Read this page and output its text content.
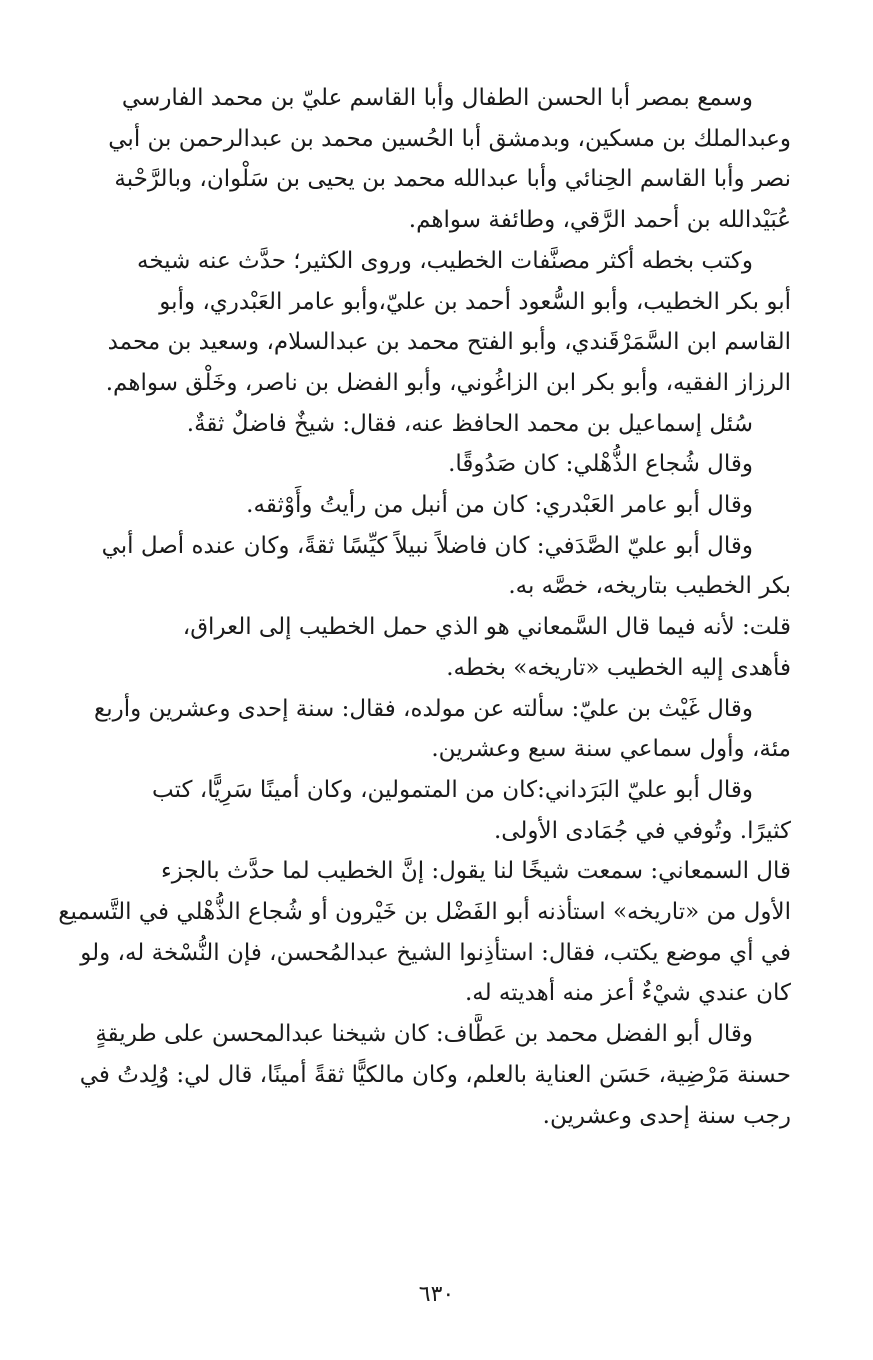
وسمع بمصر أبا الحسن الطفال وأبا القاسم عليّ بن محمد الفارسي
وعبدالملك بن مسكين، وبدمشق أبا الحُسين محمد بن عبدالرحمن بن أبي
نصر وأبا القاسم الحِنائي وأبا عبدالله محمد بن يحيى بن سَلْوان، وبالرَّحْبة
عُبَيْدالله بن أحمد الرَّقي، وطائفة سواهم.

وكتب بخطه أكثر مصنَّفات الخطيب، وروى الكثير؛ حدَّث عنه شيخه
أبو بكر الخطيب، وأبو السُّعود أحمد بن عليّ،وأبو عامر العَبْدري، وأبو
القاسم ابن السَّمَرْقَندي، وأبو الفتح محمد بن عبدالسلام، وسعيد بن محمد
الرزاز الفقيه، وأبو بكر ابن الزاغُوني، وأبو الفضل بن ناصر، وخَلْق سواهم.

سُئل إسماعيل بن محمد الحافظ عنه، فقال: شيخٌ فاضلٌ ثقةٌ.

وقال شُجاع الذُّهْلي: كان صَدُوقًا.

وقال أبو عامر العَبْدري: كان من أنبل من رأيتُ وأَوْثقه.

وقال أبو عليّ الصَّدَفي: كان فاضلاً نبيلاً كيِّسًا ثقةً، وكان عنده أصل أبي
بكر الخطيب بتاريخه، خصَّه به.

قلت: لأنه فيما قال السَّمعاني هو الذي حمل الخطيب إلى العراق،
فأهدى إليه الخطيب «تاريخه» بخطه.

وقال غَيْث بن عليّ: سألته عن مولده، فقال: سنة إحدى وعشرين وأربع
مئة، وأول سماعي سنة سبع وعشرين.

وقال أبو عليّ البَرَداني:كان من المتمولين، وكان أمينًا سَرِيًّا، كتب
كثيرًا. وتُوفي في جُمَادى الأولى.

قال السمعاني: سمعت شيخًا لنا يقول: إنَّ الخطيب لما حدَّث بالجزء
الأول من «تاريخه» استأذنه أبو الفَضْل بن خَيْرون أو شُجاع الذُّهْلي في التَّسميع
في أي موضع يكتب، فقال: استأذِنوا الشيخ عبدالمُحسن، فإن النُّسْخة له، ولو
كان عندي شيْءٌ أعز منه أهديته له.

وقال أبو الفضل محمد بن عَطَّاف: كان شيخنا عبدالمحسن على طريقةٍ
حسنة مَرْضِية، حَسَن العناية بالعلم، وكان مالكيًّا ثقةً أمينًا، قال لي: وُلِدتُ في
رجب سنة إحدى وعشرين.

٦٣٠
